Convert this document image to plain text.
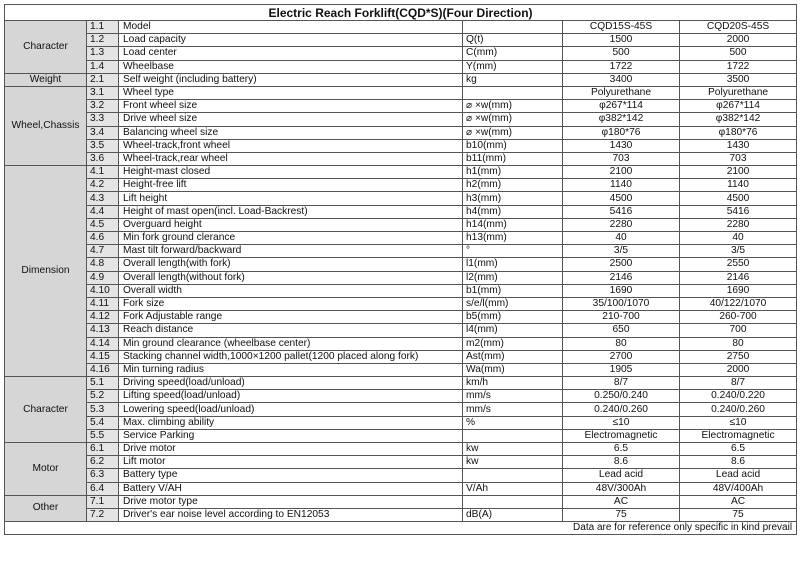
Electric Reach Forklift(CQD*S)(Four Direction)					
Character	1.1	Model		CQD15S-45S	CQD20S-45S
	1.2	Load capacity	Q(t)	1500	2000
	1.3	Load center	C(mm)	500	500
	1.4	Wheelbase	Y(mm)	1722	1722
Weight	2.1	Self weight (including battery)	kg	3400	3500
Wheel,Chassis	3.1	Wheel type		Polyurethane	Polyurethane
	3.2	Front wheel size	⌀ ×w(mm)	φ267*114	φ267*114
	3.3	Drive wheel size	⌀ ×w(mm)	φ382*142	φ382*142
	3.4	Balancing wheel size	⌀ ×w(mm)	φ180*76	φ180*76
	3.5	Wheel-track,front wheel	b10(mm)	1430	1430
	3.6	Wheel-track,rear wheel	b11(mm)	703	703
Dimension	4.1	Height-mast closed	h1(mm)	2100	2100
	4.2	Height-free lift	h2(mm)	1140	1140
	4.3	Lift height	h3(mm)	4500	4500
	4.4	Height of mast open(incl. Load-Backrest)	h4(mm)	5416	5416
	4.5	Overguard height	h14(mm)	2280	2280
	4.6	Min fork ground clerance	h13(mm)	40	40
	4.7	Mast tilt forward/backward	°	3/5	3/5
	4.8	Overall length(with fork)	l1(mm)	2500	2550
	4.9	Overall length(without fork)	l2(mm)	2146	2146
	4.10	Overall width	b1(mm)	1690	1690
	4.11	Fork size	s/e/l(mm)	35/100/1070	40/122/1070
	4.12	Fork Adjustable range	b5(mm)	210-700	260-700
	4.13	Reach distance	l4(mm)	650	700
	4.14	Min ground clearance (wheelbase center)	m2(mm)	80	80
	4.15	Stacking channel width,1000×1200 pallet(1200 placed along fork)	Ast(mm)	2700	2750
	4.16	Min turning radius	Wa(mm)	1905	2000
Character	5.1	Driving speed(load/unload)	km/h	8/7	8/7
	5.2	Lifting speed(load/unload)	mm/s	0.250/0.240	0.240/0.220
	5.3	Lowering speed(load/unload)	mm/s	0.240/0.260	0.240/0.260
	5.4	Max. climbing ability	%	≤10	≤10
	5.5	Service Parking		Electromagnetic	Electromagnetic
Motor	6.1	Drive motor	kw	6.5	6.5
	6.2	Lift motor	kw	8.6	8.6
	6.3	Battery type		Lead acid	Lead acid
	6.4	Battery V/AH	V/Ah	48V/300Ah	48V/400Ah
Other	7.1	Drive motor type		AC	AC
	7.2	Driver's ear noise level according to EN12053	dB(A)	75	75
Data are for reference only specific in kind prevail					
